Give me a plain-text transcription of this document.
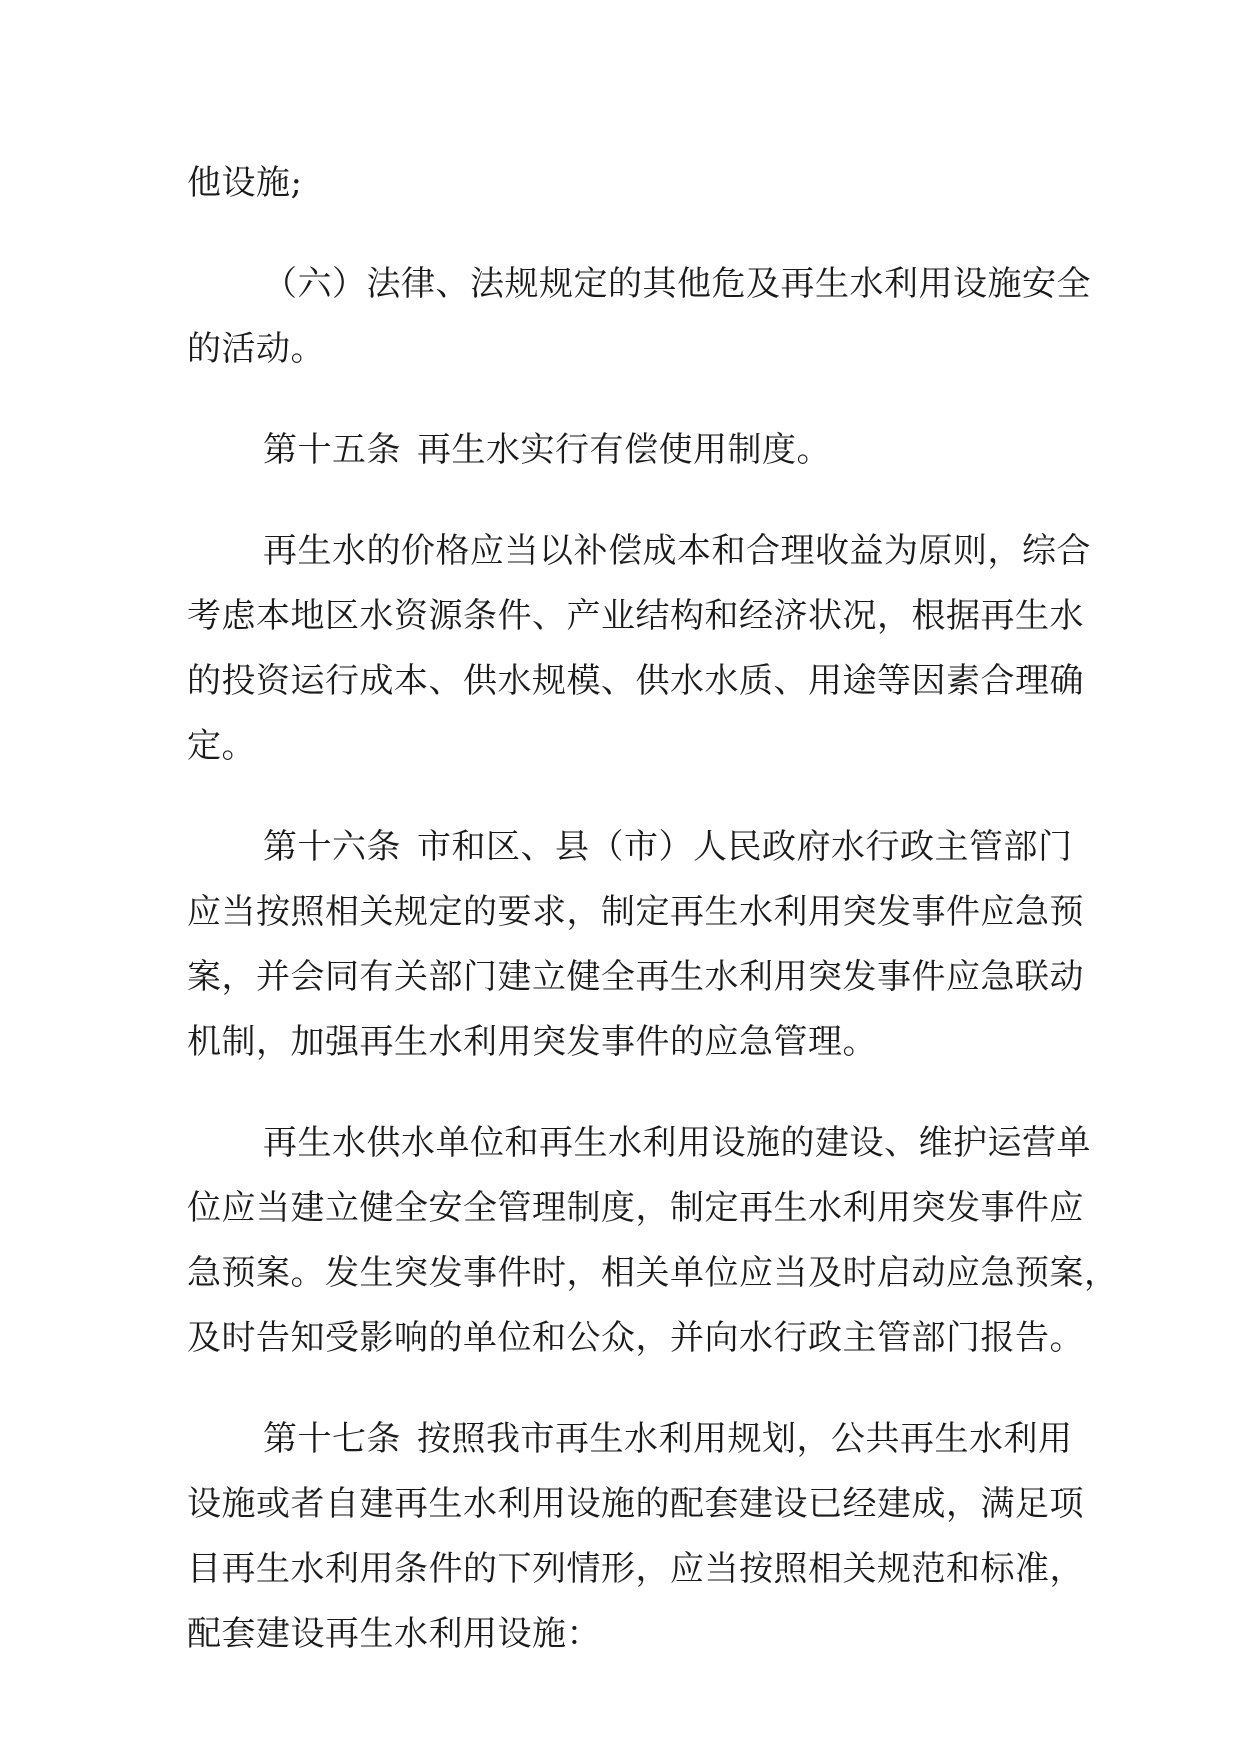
他设施;

（六）法律、法规规定的其他危及再生水利用设施安全
的活动。

第十五条 再生水实行有偿使用制度。

再生水的价格应当以补偿成本和合理收益为原则，综合
考虑本地区水资源条件、产业结构和经济状况，根据再生水
的投资运行成本、供水规模、供水水质、用途等因素合理确
定。

第十六条 市和区、县（市）人民政府水行政主管部门
应当按照相关规定的要求，制定再生水利用突发事件应急预
案，并会同有关部门建立健全再生水利用突发事件应急联动
机制，加强再生水利用突发事件的应急管理。

再生水供水单位和再生水利用设施的建设、维护运营单
位应当建立健全安全管理制度，制定再生水利用突发事件应
急预案。发生突发事件时，相关单位应当及时启动应急预案，
及时告知受影响的单位和公众，并向水行政主管部门报告。

第十七条 按照我市再生水利用规划，公共再生水利用
设施或者自建再生水利用设施的配套建设已经建成，满足项
目再生水利用条件的下列情形，应当按照相关规范和标准，
配套建设再生水利用设施：
